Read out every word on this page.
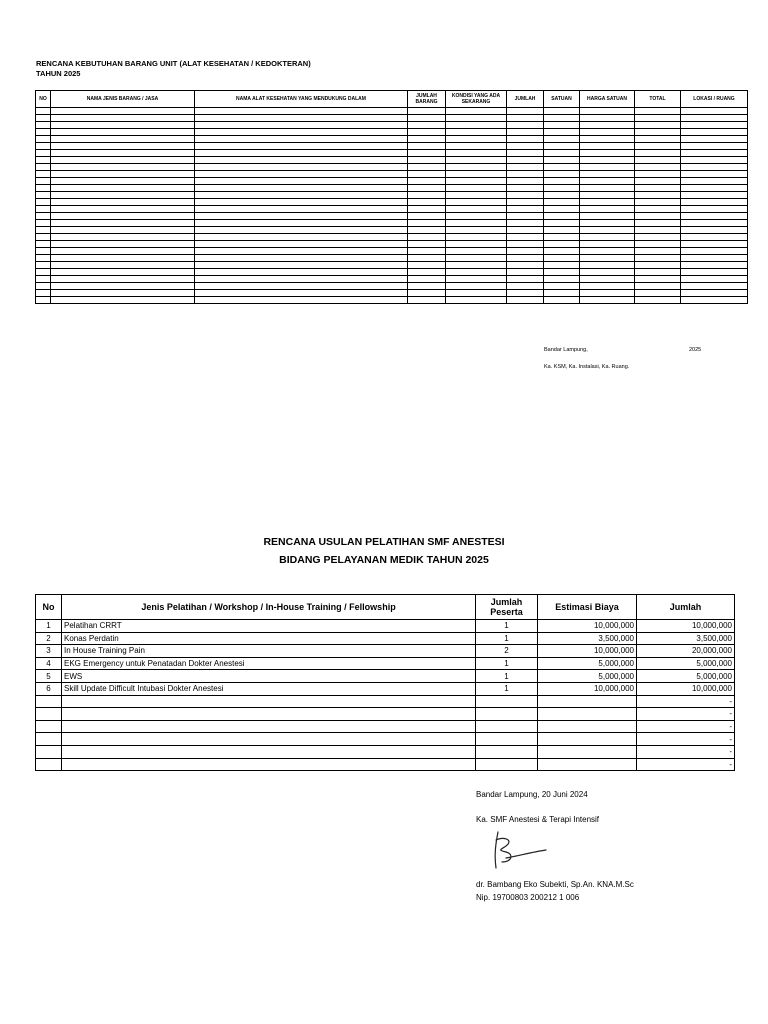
RENCANA KEBUTUHAN BARANG UNIT (ALAT KESEHATAN / KEDOKTERAN)
TAHUN 2025
NO	NAMA JENIS BARANG / JASA	NAMA ALAT KESEHATAN YANG MENDUKUNG DALAM	JUMLAH BARANG	KONDISI YANG ADA SEKARANG	JUMLAH	SATUAN	HARGA SATUAN	TOTAL	LOKASI / RUANG

Bandar Lampung,	2025
Ka. KSM, Ka. Instalasi, Ka. Ruang.
RENCANA USULAN PELATIHAN SMF ANESTESI
BIDANG PELAYANAN MEDIK TAHUN 2025
No	Jenis Pelatihan / Workshop / In-House Training / Fellowship	Jumlah Peserta	Estimasi Biaya	Jumlah
1	Pelatihan CRRT	1	10,000,000	10,000,000
2	Konas Perdatin	1	3,500,000	3,500,000
3	In House Training Pain	2	10,000,000	20,000,000
4	EKG Emergency untuk Penatadan Dokter Anestesi	1	5,000,000	5,000,000
5	EWS	1	5,000,000	5,000,000
6	Skill Update Difficult Intubasi Dokter Anestesi	1	10,000,000	10,000,000
				-
				-
				-
				-
				-
				-
Bandar Lampung, 20 Juni 2024
Ka. SMF Anestesi & Terapi Intensif
dr. Bambang Eko Subekti, Sp.An. KNA.M.Sc
Nip. 19700803 200212 1 006
